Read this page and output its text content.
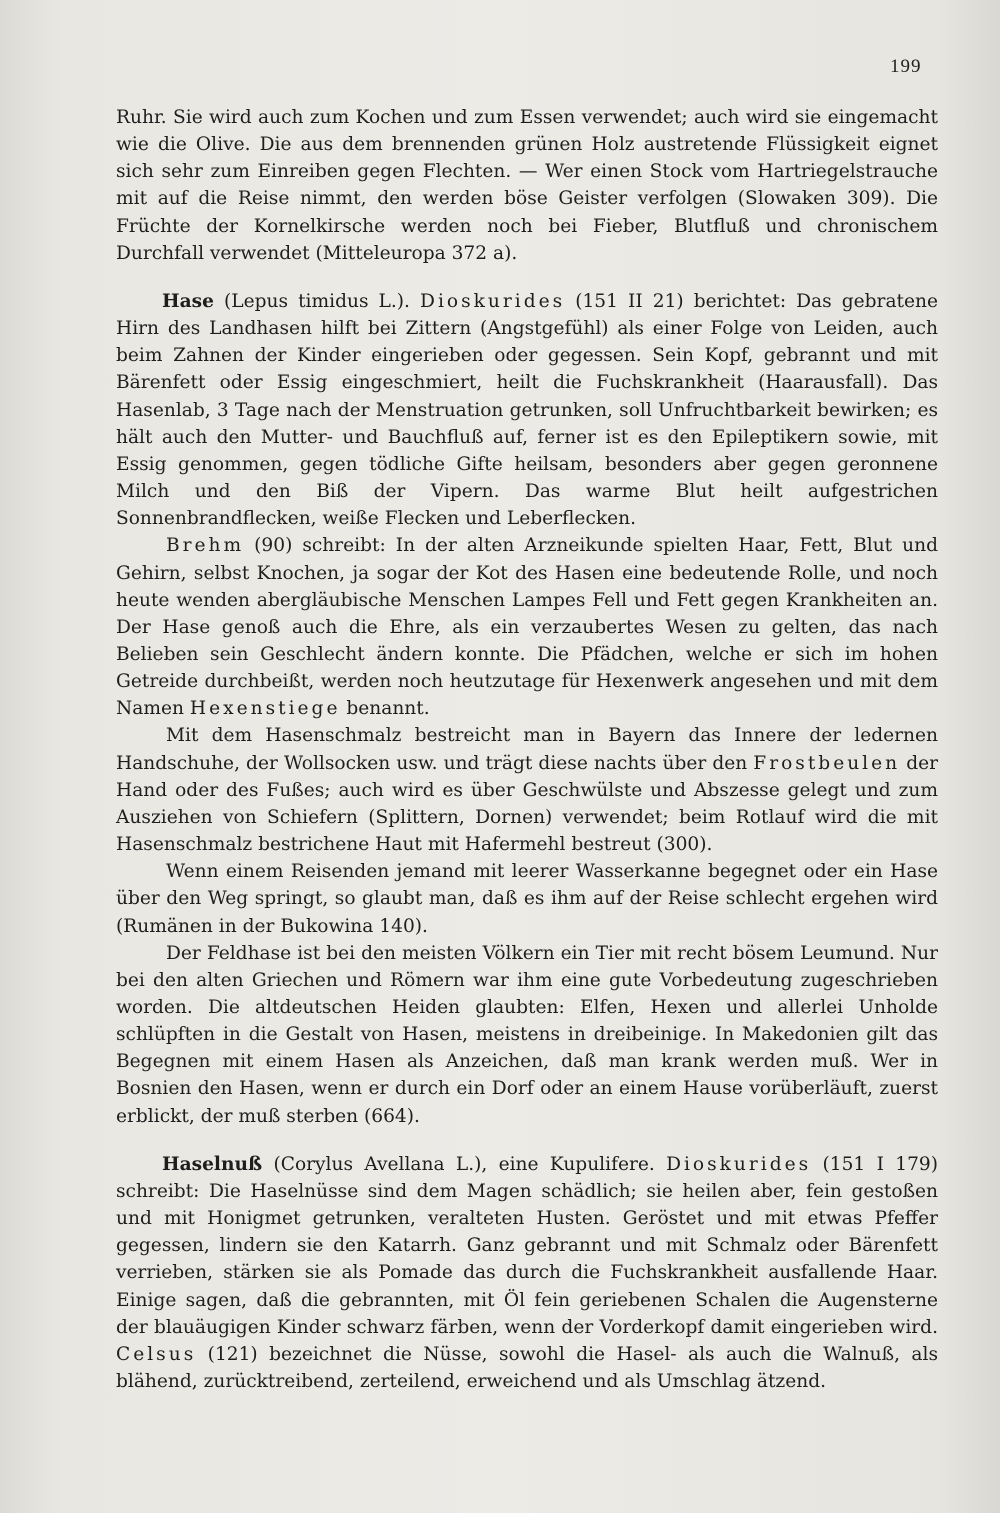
199

Ruhr. Sie wird auch zum Kochen und zum Essen verwendet; auch wird sie eingemacht wie die Olive. Die aus dem brennenden grünen Holz austretende Flüssigkeit eignet sich sehr zum Einreiben gegen Flechten. — Wer einen Stock vom Hartriegelstrauche mit auf die Reise nimmt, den werden böse Geister verfolgen (Slowaken 309). Die Früchte der Kornelkirsche werden noch bei Fieber, Blutfluß und chronischem Durchfall verwendet (Mitteleuropa 372 a).

Hase (Lepus timidus L.). Dioskurides (151 II 21) berichtet: Das gebratene Hirn des Landhasen hilft bei Zittern (Angstgefühl) als einer Folge von Leiden, auch beim Zahnen der Kinder eingerieben oder gegessen. Sein Kopf, gebrannt und mit Bärenfett oder Essig eingeschmiert, heilt die Fuchskrankheit (Haarausfall). Das Hasenlab, 3 Tage nach der Menstruation getrunken, soll Unfruchtbarkeit bewirken; es hält auch den Mutter- und Bauchfluß auf, ferner ist es den Epileptikern sowie, mit Essig genommen, gegen tödliche Gifte heilsam, besonders aber gegen geronnene Milch und den Biß der Vipern. Das warme Blut heilt aufgestrichen Sonnenbrandflecken, weiße Flecken und Leberflecken.

Brehm (90) schreibt: In der alten Arzneikunde spielten Haar, Fett, Blut und Gehirn, selbst Knochen, ja sogar der Kot des Hasen eine bedeutende Rolle, und noch heute wenden abergläubische Menschen Lampes Fell und Fett gegen Krankheiten an. Der Hase genoß auch die Ehre, als ein verzaubertes Wesen zu gelten, das nach Belieben sein Geschlecht ändern konnte. Die Pfädchen, welche er sich im hohen Getreide durchbeißt, werden noch heutzutage für Hexenwerk angesehen und mit dem Namen Hexenstiege benannt.

Mit dem Hasenschmalz bestreicht man in Bayern das Innere der ledernen Handschuhe, der Wollsocken usw. und trägt diese nachts über den Frostbeulen der Hand oder des Fußes; auch wird es über Geschwülste und Abszesse gelegt und zum Ausziehen von Schiefern (Splittern, Dornen) verwendet; beim Rotlauf wird die mit Hasenschmalz bestrichene Haut mit Hafermehl bestreut (300).

Wenn einem Reisenden jemand mit leerer Wasserkanne begegnet oder ein Hase über den Weg springt, so glaubt man, daß es ihm auf der Reise schlecht ergehen wird (Rumänen in der Bukowina 140).

Der Feldhase ist bei den meisten Völkern ein Tier mit recht bösem Leumund. Nur bei den alten Griechen und Römern war ihm eine gute Vorbedeutung zugeschrieben worden. Die altdeutschen Heiden glaubten: Elfen, Hexen und allerlei Unholde schlüpften in die Gestalt von Hasen, meistens in dreibeinige. In Makedonien gilt das Begegnen mit einem Hasen als Anzeichen, daß man krank werden muß. Wer in Bosnien den Hasen, wenn er durch ein Dorf oder an einem Hause vorüberläuft, zuerst erblickt, der muß sterben (664).

Haselnuß (Corylus Avellana L.), eine Kupulifere. Dioskurides (151 I 179) schreibt: Die Haselnüsse sind dem Magen schädlich; sie heilen aber, fein gestoßen und mit Honigmet getrunken, veralteten Husten. Geröstet und mit etwas Pfeffer gegessen, lindern sie den Katarrh. Ganz gebrannt und mit Schmalz oder Bärenfett verrieben, stärken sie als Pomade das durch die Fuchskrankheit ausfallende Haar. Einige sagen, daß die gebrannten, mit Öl fein geriebenen Schalen die Augensterne der blauäugigen Kinder schwarz färben, wenn der Vorderkopf damit eingerieben wird. Celsus (121) bezeichnet die Nüsse, sowohl die Hasel- als auch die Walnuß, als blähend, zurücktreibend, zerteilend, erweichend und als Umschlag ätzend.
